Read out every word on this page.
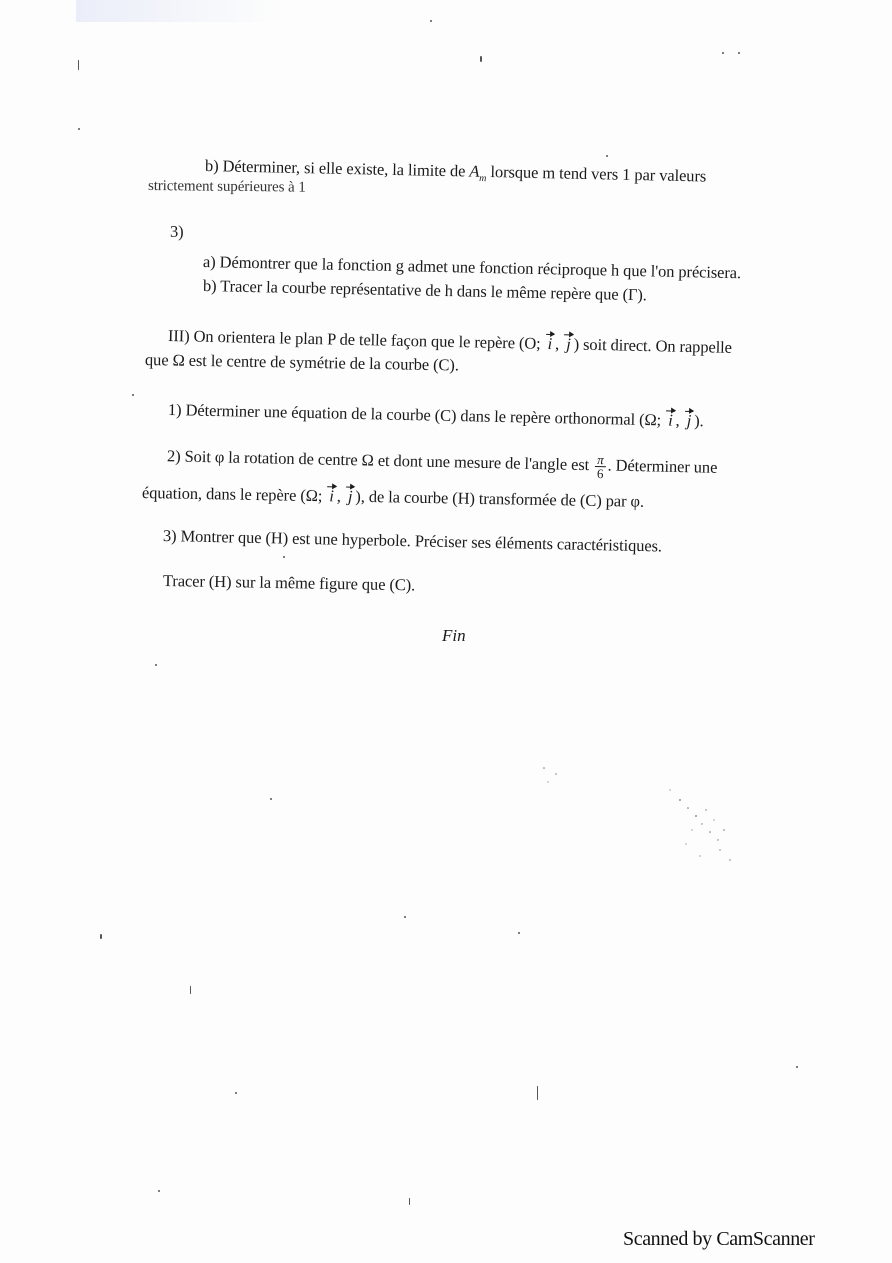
b) Déterminer, si elle existe, la limite de $A_m$ lorsque m tend vers 1 par valeurs
strictement supérieures à 1
3)
a) Démontrer que la fonction g admet une fonction réciproque h que l'on précisera.
b) Tracer la courbe représentative de h dans le même repère que (Γ).
III) On orientera le plan P de telle façon que le repère (O; i , j ) soit direct. On rappelle
que Ω est le centre de symétrie de la courbe (C).
1) Déterminer une équation de la courbe (C) dans le repère orthonormal (Ω; i , j ).
2) Soit φ la rotation de centre Ω et dont une mesure de l'angle est $\frac{\pi}{6}$ . Déterminer une
équation, dans le repère (Ω; i , j ), de la courbe (H) transformée de (C) par φ.
3) Montrer que (H) est une hyperbole. Préciser ses éléments caractéristiques.
Tracer (H) sur la même figure que (C).
Fin
Scanned by CamScanner
